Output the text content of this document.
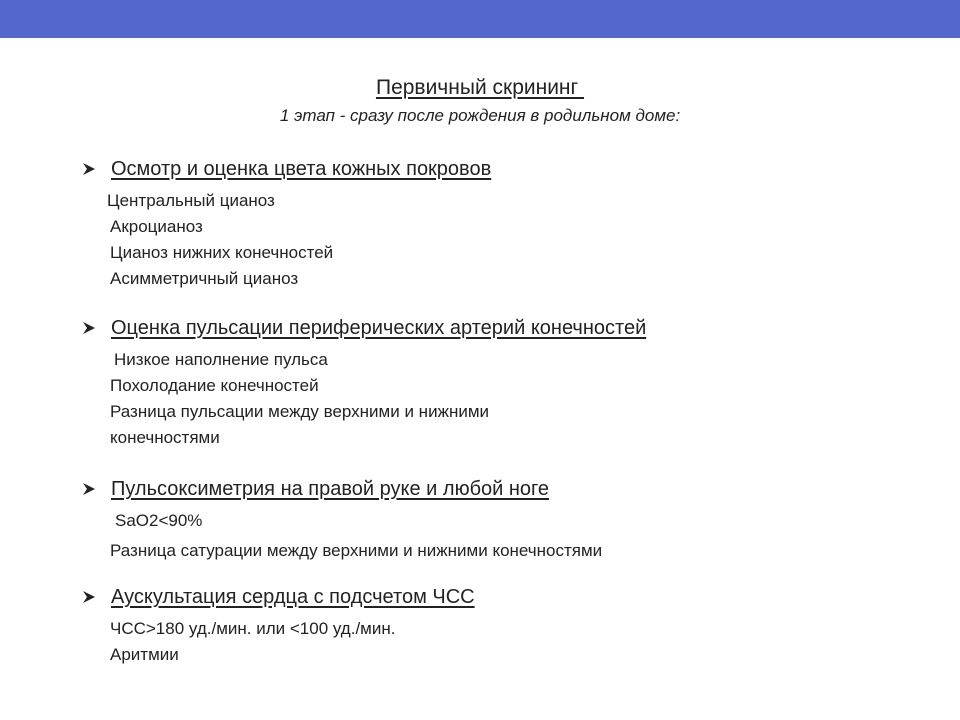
Первичный скрининг
1 этап - сразу после рождения в родильном доме:
Осмотр и оценка цвета кожных покровов
Центральный цианоз
Акроцианоз
Цианоз нижних конечностей
Асимметричный цианоз
Оценка пульсации периферических артерий конечностей
Низкое наполнение пульса
Похолодание конечностей
Разница пульсации между верхними и нижними
конечностями
Пульсоксиметрия на правой руке и любой ноге
SaO2<90%
Разница сатурации между верхними и нижними конечностями
Аускультация сердца с подсчетом ЧСС
ЧСС>180 уд./мин. или <100 уд./мин.
Аритмии
